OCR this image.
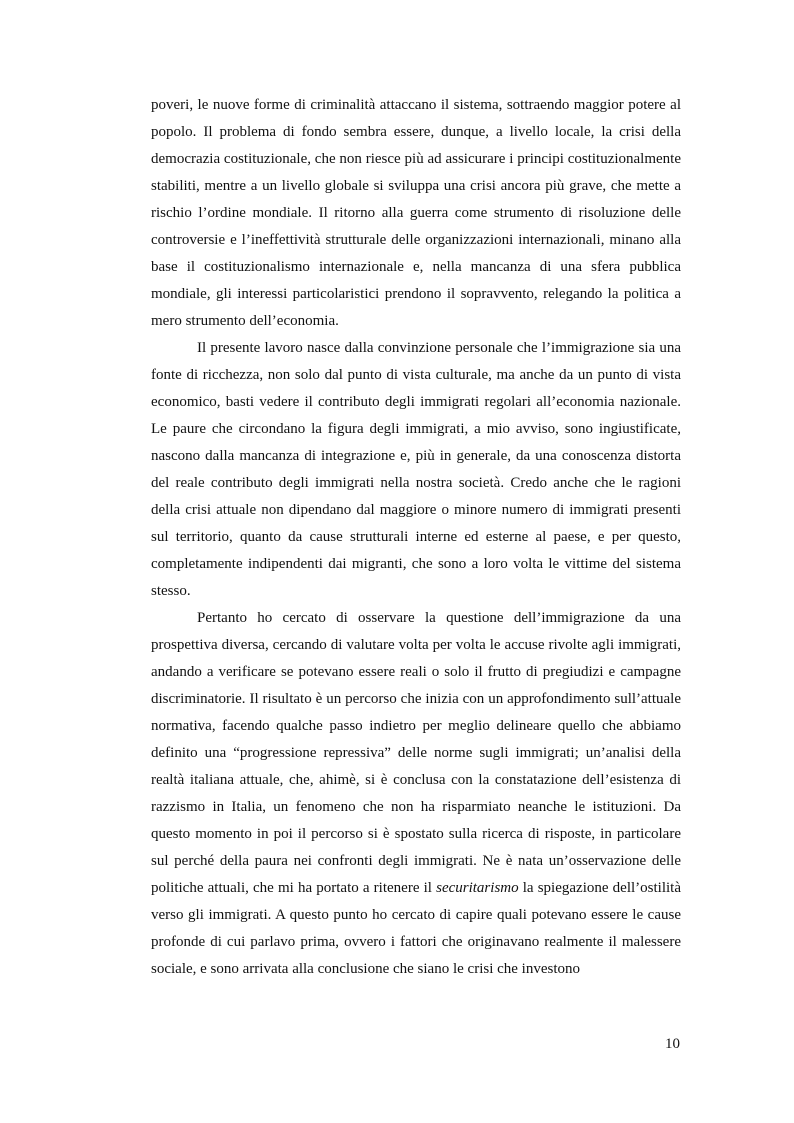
poveri, le nuove forme di criminalità attaccano il sistema, sottraendo maggior potere al popolo. Il problema di fondo sembra essere, dunque, a livello locale, la crisi della democrazia costituzionale, che non riesce più ad assicurare i principi costituzionalmente stabiliti, mentre a un livello globale si sviluppa una crisi ancora più grave, che mette a rischio l’ordine mondiale. Il ritorno alla guerra come strumento di risoluzione delle controversie e l’ineffettività strutturale delle organizzazioni internazionali, minano alla base il costituzionalismo internazionale e, nella mancanza di una sfera pubblica mondiale, gli interessi particolaristici prendono il sopravvento, relegando la politica a mero strumento dell’economia.

Il presente lavoro nasce dalla convinzione personale che l’immigrazione sia una fonte di ricchezza, non solo dal punto di vista culturale, ma anche da un punto di vista economico, basti vedere il contributo degli immigrati regolari all’economia nazionale. Le paure che circondano la figura degli immigrati, a mio avviso, sono ingiustificate, nascono dalla mancanza di integrazione e, più in generale, da una conoscenza distorta del reale contributo degli immigrati nella nostra società. Credo anche che le ragioni della crisi attuale non dipendano dal maggiore o minore numero di immigrati presenti sul territorio, quanto da cause strutturali interne ed esterne al paese, e per questo, completamente indipendenti dai migranti, che sono a loro volta le vittime del sistema stesso.

Pertanto ho cercato di osservare la questione dell’immigrazione da una prospettiva diversa, cercando di valutare volta per volta le accuse rivolte agli immigrati, andando a verificare se potevano essere reali o solo il frutto di pregiudizi e campagne discriminatorie. Il risultato è un percorso che inizia con un approfondimento sull’attuale normativa, facendo qualche passo indietro per meglio delineare quello che abbiamo definito una “progressione repressiva” delle norme sugli immigrati; un’analisi della realtà italiana attuale, che, ahimè, si è conclusa con la constatazione dell’esistenza di razzismo in Italia, un fenomeno che non ha risparmiato neanche le istituzioni. Da questo momento in poi il percorso si è spostato sulla ricerca di risposte, in particolare sul perché della paura nei confronti degli immigrati. Ne è nata un’osservazione delle politiche attuali, che mi ha portato a ritenere il securitarismo la spiegazione dell’ostilità verso gli immigrati. A questo punto ho cercato di capire quali potevano essere le cause profonde di cui parlavo prima, ovvero i fattori che originavano realmente il malessere sociale, e sono arrivata alla conclusione che siano le crisi che investono

10
